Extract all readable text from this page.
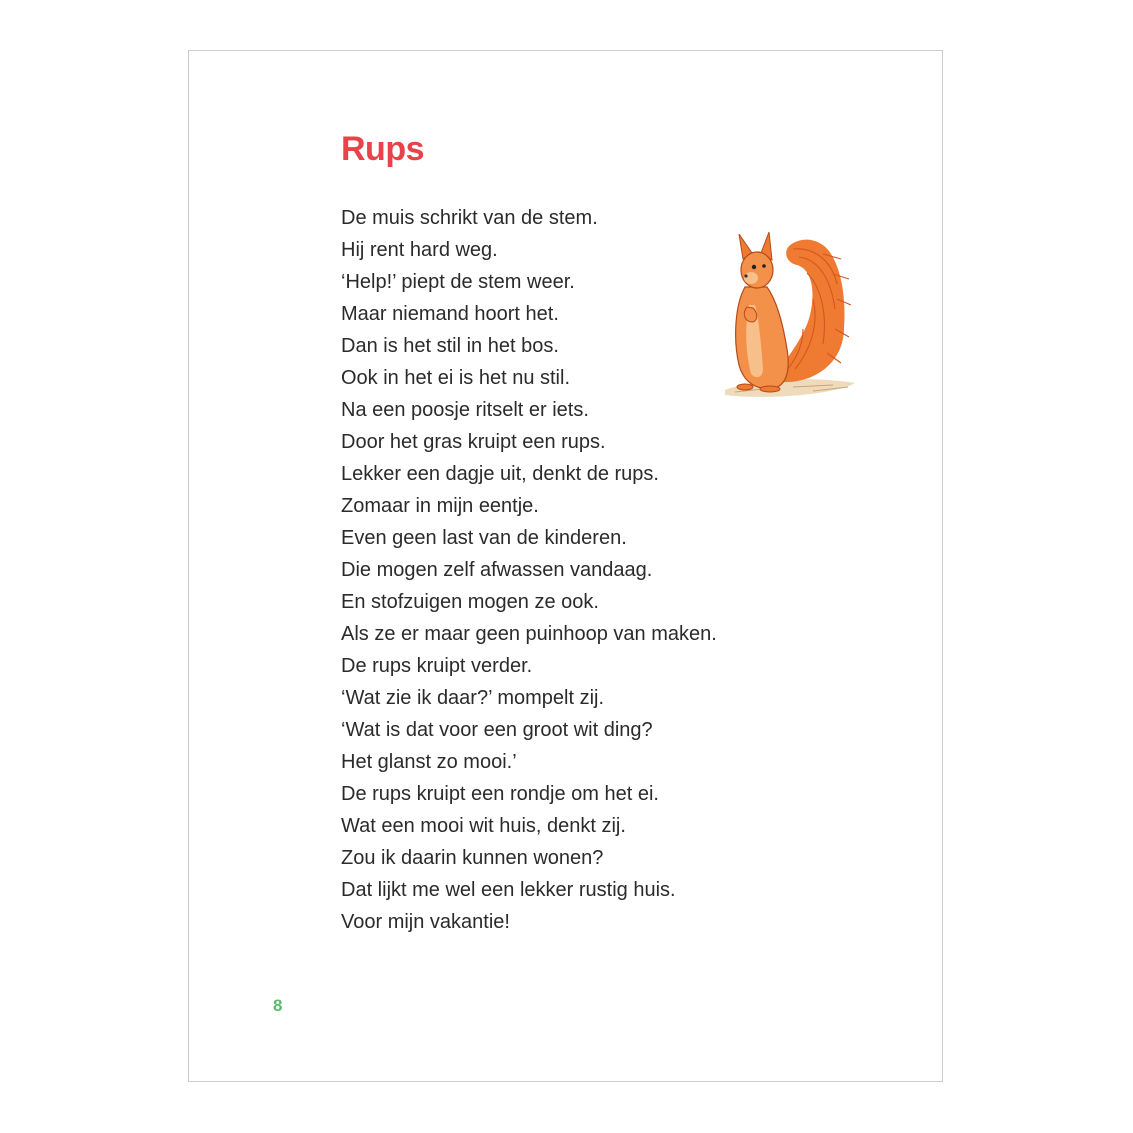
Rups
De muis schrikt van de stem.
Hij rent hard weg.
‘Help!’ piept de stem weer.
Maar niemand hoort het.
Dan is het stil in het bos.
Ook in het ei is het nu stil.
Na een poosje ritselt er iets.
Door het gras kruipt een rups.
Lekker een dagje uit, denkt de rups.
Zomaar in mijn eentje.
Even geen last van de kinderen.
Die mogen zelf afwassen vandaag.
En stofzuigen mogen ze ook.
Als ze er maar geen puinhoop van maken.
De rups kruipt verder.
‘Wat zie ik daar?’ mompelt zij.
‘Wat is dat voor een groot wit ding?
Het glanst zo mooi.’
De rups kruipt een rondje om het ei.
Wat een mooi wit huis, denkt zij.
Zou ik daarin kunnen wonen?
Dat lijkt me wel een lekker rustig huis.
Voor mijn vakantie!
8
